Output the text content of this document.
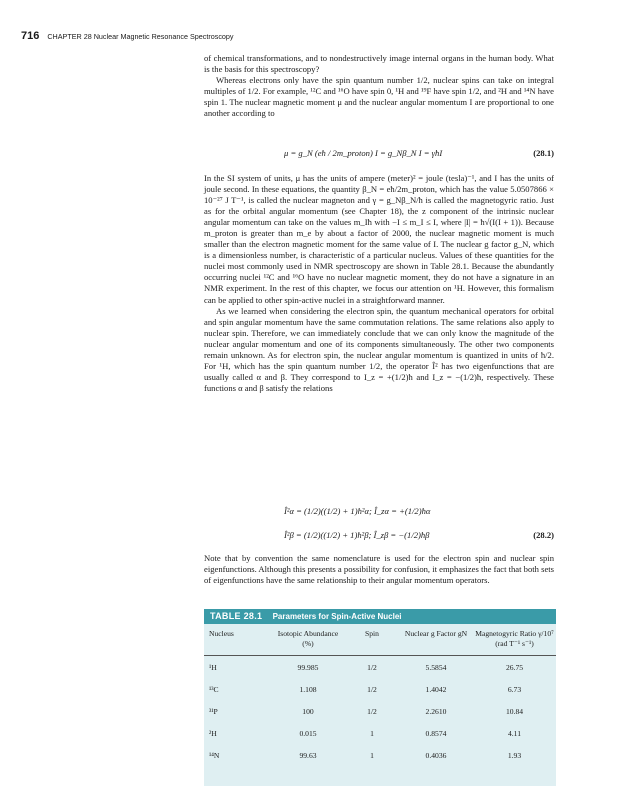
716 CHAPTER 28 Nuclear Magnetic Resonance Spectroscopy

of chemical transformations, and to nondestructively image internal organs in the human body. What is the basis for this spectroscopy?

Whereas electrons only have the spin quantum number 1/2, nuclear spins can take on integral multiples of 1/2. For example, ¹²C and ¹⁶O have spin 0, ¹H and ¹⁹F have spin 1/2, and ²H and ¹⁴N have spin 1. The nuclear magnetic moment μ and the nuclear angular momentum I are proportional to one another according to

μ = g_N (eħ / 2m_proton) I = g_Nβ_N I = γħI	(28.1)

In the SI system of units, μ has the units of ampere (meter)² = joule (tesla)⁻¹, and I has the units of joule second. In these equations, the quantity β_N = eħ/2m_proton, which has the value 5.0507866 × 10⁻²⁷ J T⁻¹, is called the nuclear magneton and γ = g_Nβ_N/ħ is called the magnetogyric ratio. Just as for the orbital angular momentum (see Chapter 18), the z component of the intrinsic nuclear angular momentum can take on the values m_Iħ with −I ≤ m_I ≤ I, where |I| = ħ√(I(I + 1)). Because m_proton is greater than m_e by about a factor of 2000, the nuclear magnetic moment is much smaller than the electron magnetic moment for the same value of I. The nuclear g factor g_N, which is a dimensionless number, is characteristic of a particular nucleus. Values of these quantities for the nuclei most commonly used in NMR spectroscopy are shown in Table 28.1. Because the abundantly occurring nuclei ¹²C and ¹⁶O have no nuclear magnetic moment, they do not have a signature in an NMR experiment. In the rest of this chapter, we focus our attention on ¹H. However, this formalism can be applied to other spin-active nuclei in a straightforward manner.

As we learned when considering the electron spin, the quantum mechanical operators for orbital and spin angular momentum have the same commutation relations. The same relations also apply to nuclear spin. Therefore, we can immediately conclude that we can only know the magnitude of the nuclear angular momentum and one of its components simultaneously. The other two components remain unknown. As for electron spin, the nuclear angular momentum is quantized in units of ħ/2. For ¹H, which has the spin quantum number 1/2, the operator Î² has two eigenfunctions that are usually called α and β. They correspond to I_z = +(1/2)ħ and I_z = −(1/2)ħ, respectively. These functions α and β satisfy the relations

Î²α = (1/2)((1/2) + 1)ħ²α; Î_zα = +(1/2)ħα
Î²β = (1/2)((1/2) + 1)ħ²β; Î_zβ = −(1/2)ħβ	(28.2)

Note that by convention the same nomenclature is used for the electron spin and nuclear spin eigenfunctions. Although this presents a possibility for confusion, it emphasizes the fact that both sets of eigenfunctions have the same relationship to their angular momentum operators.

TABLE 28.1 Parameters for Spin-Active Nuclei
Nucleus	Isotopic Abundance (%)	Spin	Nuclear g Factor gN	Magnetogyric Ratio γ/10⁷ (rad T⁻¹ s⁻¹)
¹H	99.985	1/2	5.5854	26.75
¹³C	1.108	1/2	1.4042	6.73
³¹P	100	1/2	2.2610	10.84
²H	0.015	1	0.8574	4.11
¹⁴N	99.63	1	0.4036	1.93
